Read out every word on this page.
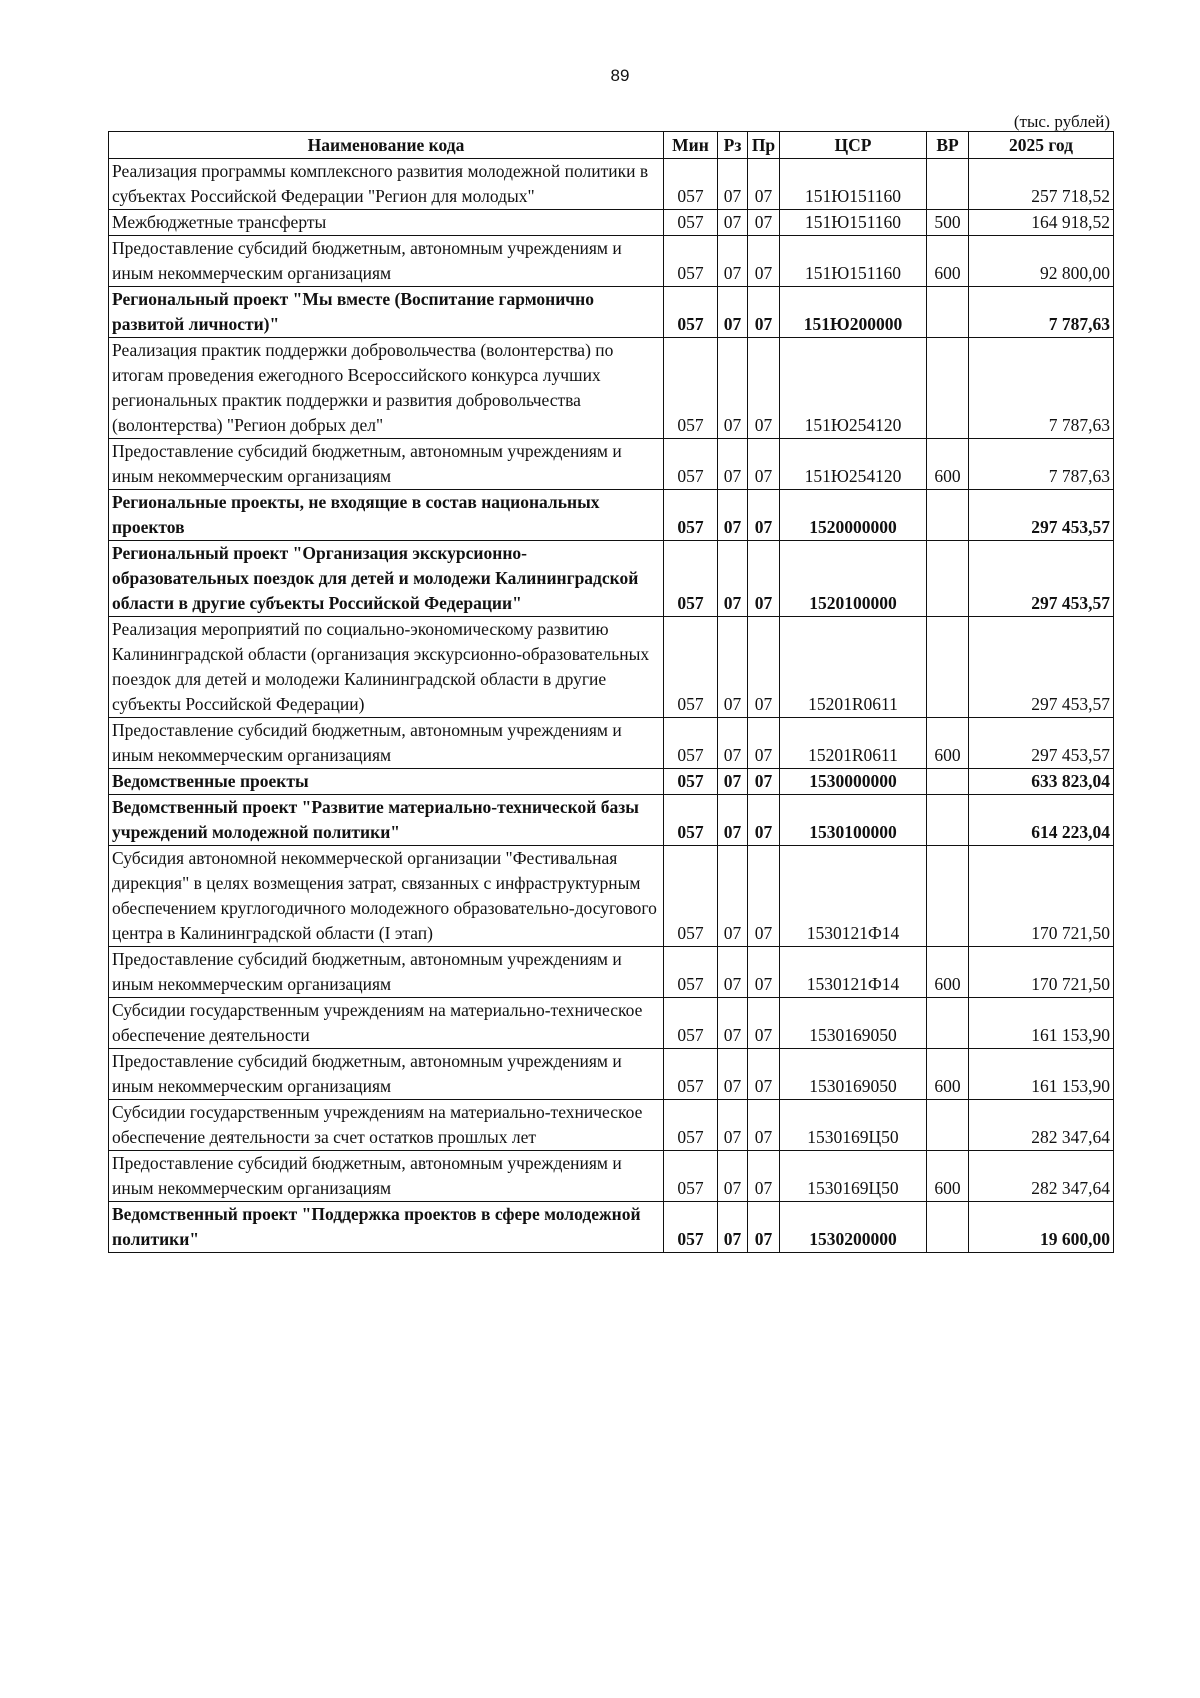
89
(тыс. рублей)
Наименование кода	Мин	Рз	Пр	ЦСР	ВР	2025 год
Реализация программы комплексного развития молодежной политики в субъектах Российской Федерации "Регион для молодых"	057	07	07	151Ю151160		257 718,52
Межбюджетные трансферты	057	07	07	151Ю151160	500	164 918,52
Предоставление субсидий бюджетным, автономным учреждениям и иным некоммерческим организациям	057	07	07	151Ю151160	600	92 800,00
Региональный проект "Мы вместе (Воспитание гармонично развитой личности)"	057	07	07	151Ю200000		7 787,63
Реализация практик поддержки добровольчества (волонтерства) по итогам проведения ежегодного Всероссийского конкурса лучших региональных практик поддержки и развития добровольчества (волонтерства) "Регион добрых дел"	057	07	07	151Ю254120		7 787,63
Предоставление субсидий бюджетным, автономным учреждениям и иным некоммерческим организациям	057	07	07	151Ю254120	600	7 787,63
Региональные проекты, не входящие в состав национальных проектов	057	07	07	1520000000		297 453,57
Региональный проект "Организация экскурсионно-образовательных поездок для детей и молодежи Калининградской области в другие субъекты Российской Федерации"	057	07	07	1520100000		297 453,57
Реализация мероприятий по социально-экономическому развитию Калининградской области (организация экскурсионно-образовательных поездок для детей и молодежи Калининградской области в другие субъекты Российской Федерации)	057	07	07	15201R0611		297 453,57
Предоставление субсидий бюджетным, автономным учреждениям и иным некоммерческим организациям	057	07	07	15201R0611	600	297 453,57
Ведомственные проекты	057	07	07	1530000000		633 823,04
Ведомственный проект "Развитие материально-технической базы учреждений молодежной политики"	057	07	07	1530100000		614 223,04
Субсидия автономной некоммерческой организации "Фестивальная дирекция" в целях возмещения затрат, связанных с инфраструктурным обеспечением круглогодичного молодежного образовательно-досугового центра в Калининградской области (I этап)	057	07	07	1530121Ф14		170 721,50
Предоставление субсидий бюджетным, автономным учреждениям и иным некоммерческим организациям	057	07	07	1530121Ф14	600	170 721,50
Субсидии государственным учреждениям на материально-техническое обеспечение деятельности	057	07	07	1530169050		161 153,90
Предоставление субсидий бюджетным, автономным учреждениям и иным некоммерческим организациям	057	07	07	1530169050	600	161 153,90
Субсидии государственным учреждениям на материально-техническое обеспечение деятельности за счет остатков прошлых лет	057	07	07	1530169Ц50		282 347,64
Предоставление субсидий бюджетным, автономным учреждениям и иным некоммерческим организациям	057	07	07	1530169Ц50	600	282 347,64
Ведомственный проект "Поддержка проектов в сфере молодежной политики"	057	07	07	1530200000		19 600,00
